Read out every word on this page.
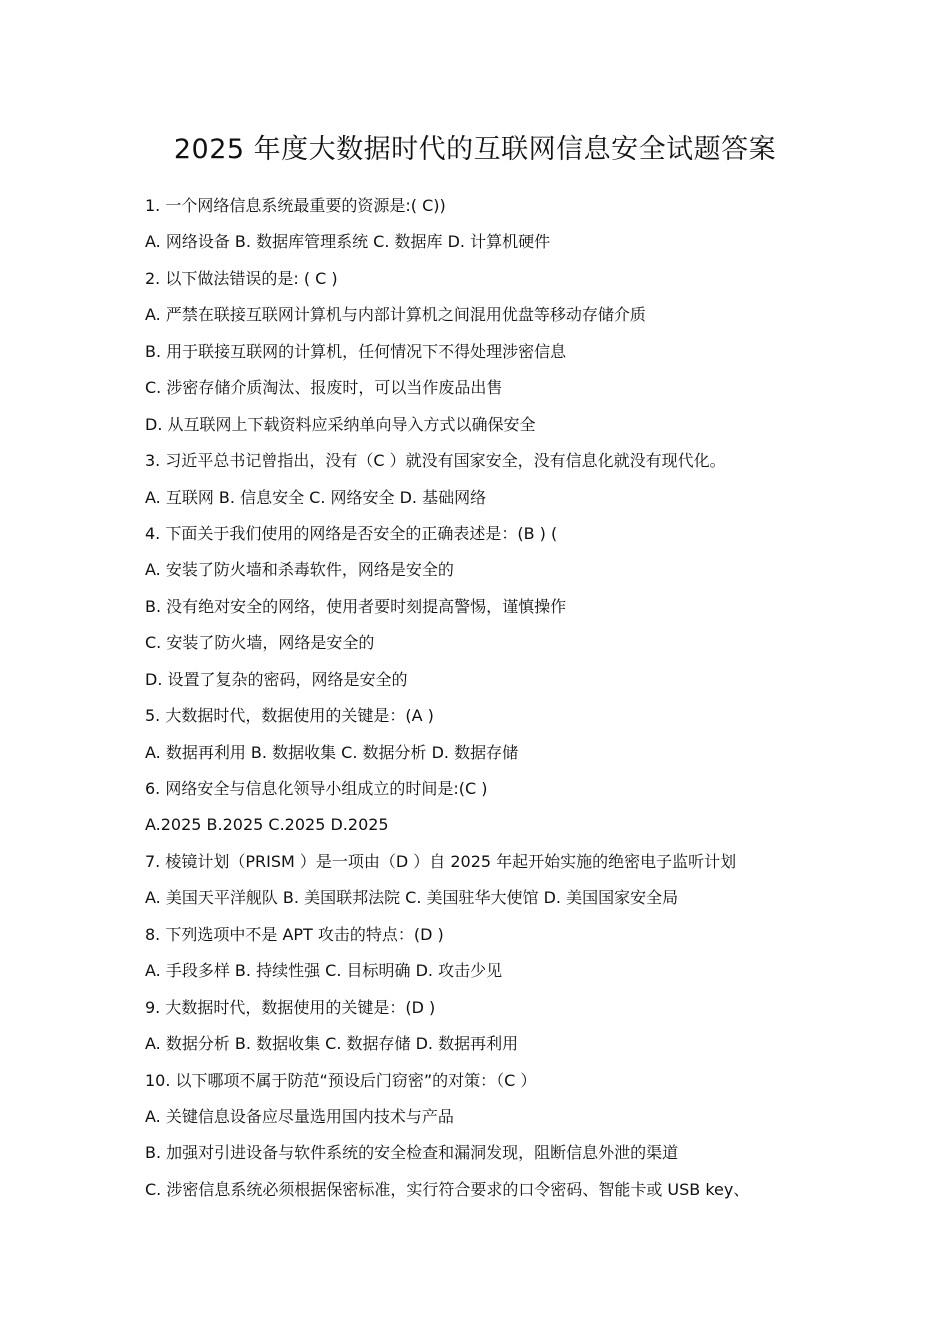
2025 年度大数据时代的互联网信息安全试题答案

1. 一个网络信息系统最重要的资源是:( C))

A. 网络设备 B. 数据库管理系统 C. 数据库 D. 计算机硬件

2. 以下做法错误的是: ( C )

A. 严禁在联接互联网计算机与内部计算机之间混用优盘等移动存储介质

B. 用于联接互联网的计算机，任何情况下不得处理涉密信息

C. 涉密存储介质淘汰、报废时，可以当作废品出售

D. 从互联网上下载资料应采纳单向导入方式以确保安全

3. 习近平总书记曾指出，没有（C ）就没有国家安全，没有信息化就没有现代化。

A. 互联网 B. 信息安全 C. 网络安全 D. 基础网络

4. 下面关于我们使用的网络是否安全的正确表述是：(B ) (

A. 安装了防火墙和杀毒软件，网络是安全的

B. 没有绝对安全的网络，使用者要时刻提高警惕，谨慎操作

C. 安装了防火墙，网络是安全的

D. 设置了复杂的密码，网络是安全的

5. 大数据时代，数据使用的关键是：(A )

A. 数据再利用 B. 数据收集 C. 数据分析 D. 数据存储

6. 网络安全与信息化领导小组成立的时间是:(C )

A.2025 B.2025 C.2025 D.2025

7. 棱镜计划（PRISM ）是一项由（D ）自 2025 年起开始实施的绝密电子监听计划

A. 美国天平洋舰队 B. 美国联邦法院 C. 美国驻华大使馆 D. 美国国家安全局

8. 下列选项中不是 APT 攻击的特点：(D )

A. 手段多样 B. 持续性强 C. 目标明确 D. 攻击少见

9. 大数据时代，数据使用的关键是：(D )

A. 数据分析 B. 数据收集 C. 数据存储 D. 数据再利用

10. 以下哪项不属于防范“预设后门窃密”的对策：（C ）

A. 关键信息设备应尽量选用国内技术与产品

B. 加强对引进设备与软件系统的安全检查和漏洞发现，阻断信息外泄的渠道

C. 涉密信息系统必须根据保密标准，实行符合要求的口令密码、智能卡或 USB key、
